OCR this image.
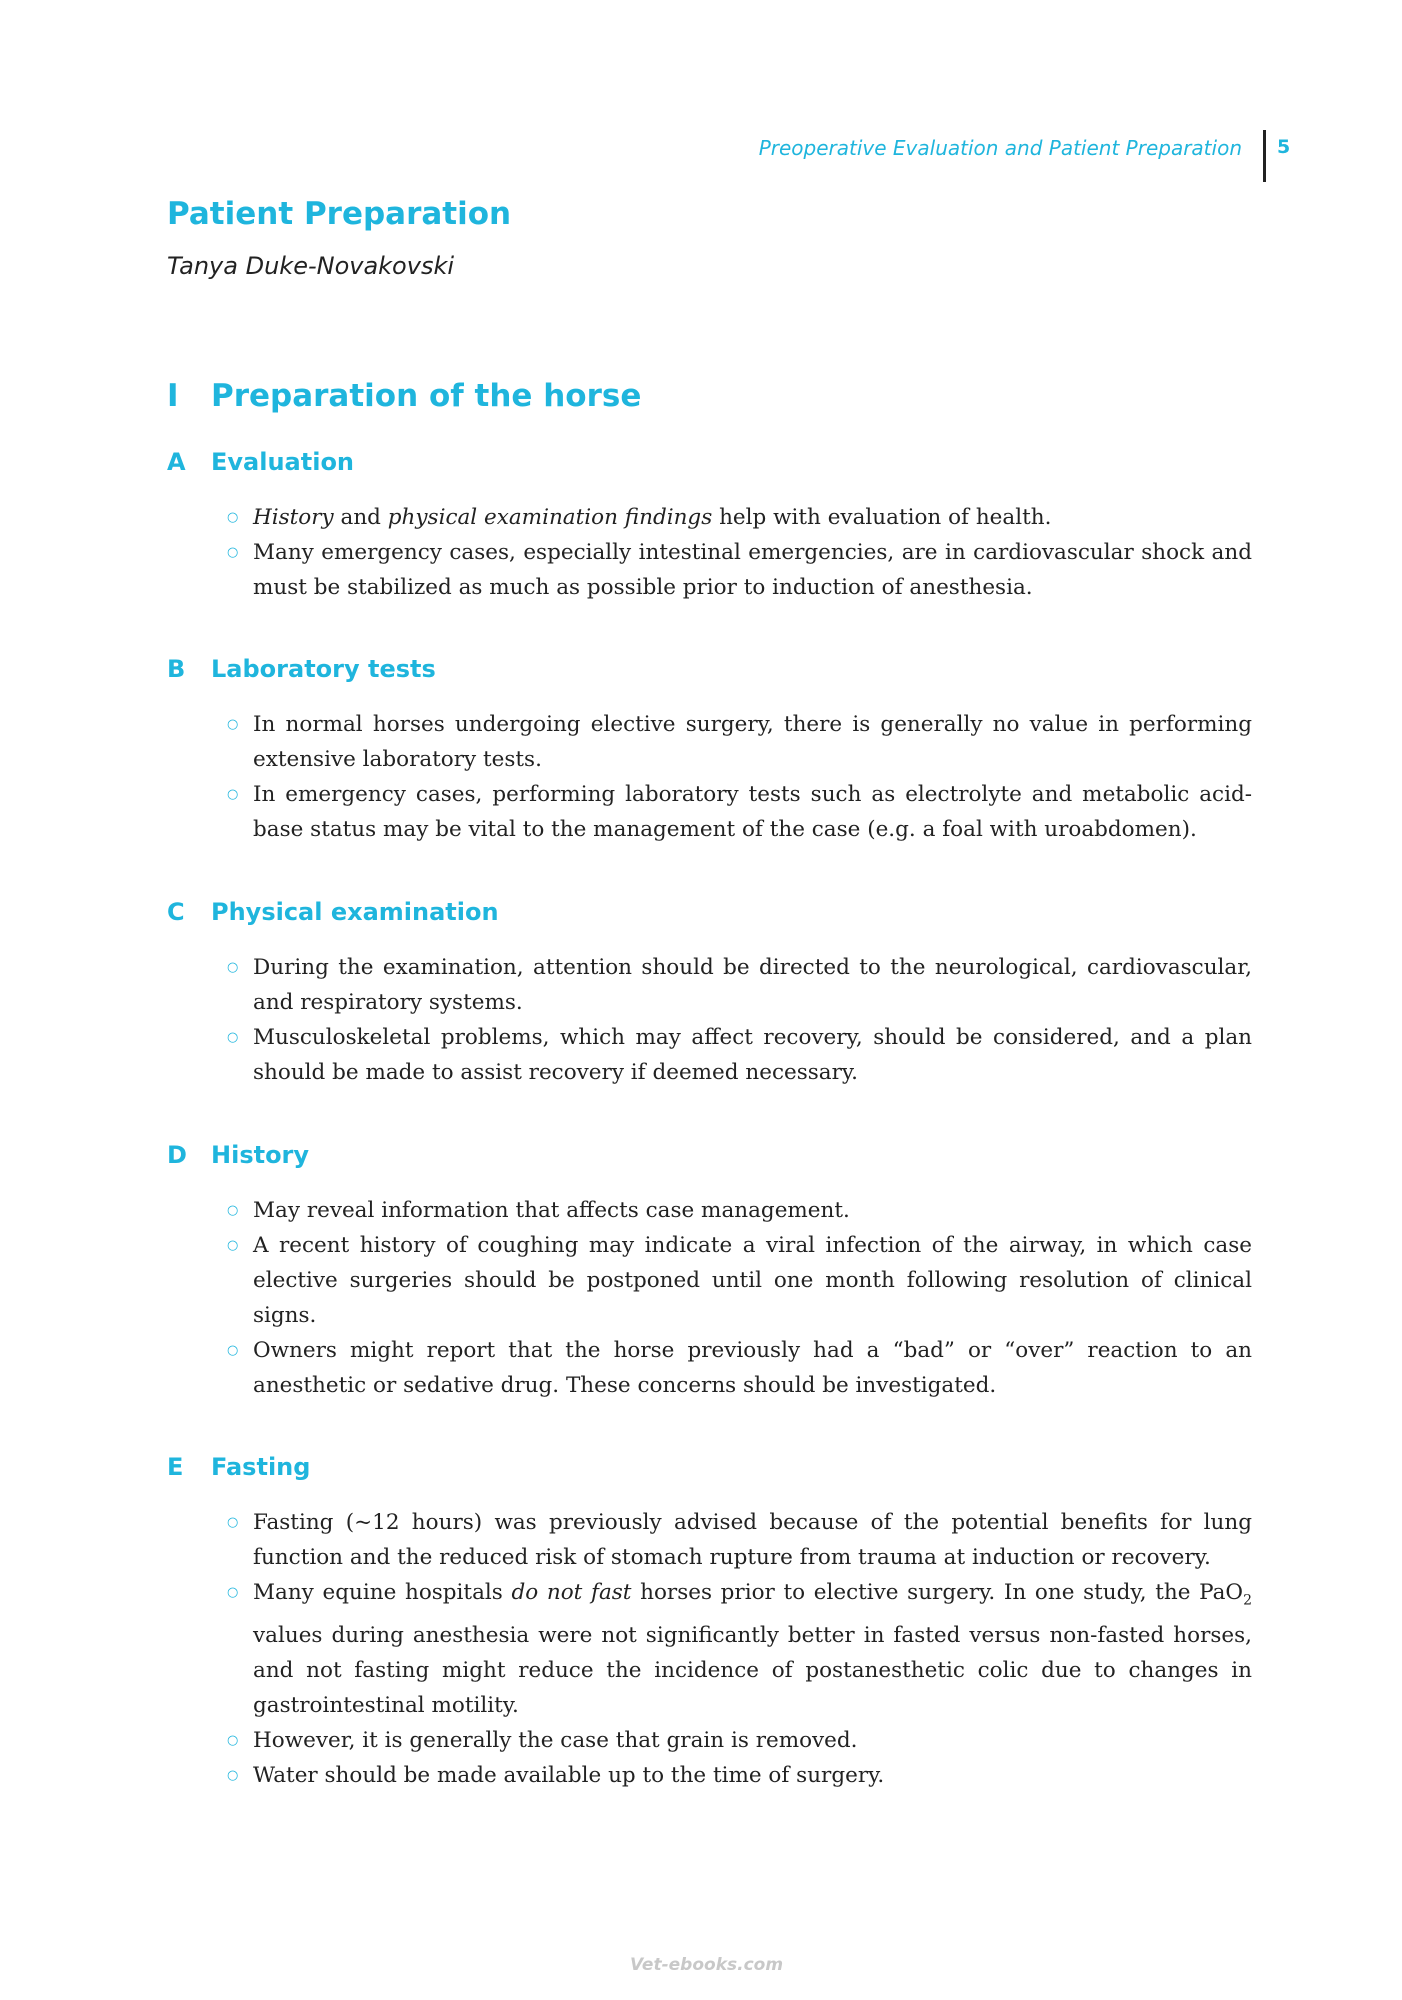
Preoperative Evaluation and Patient Preparation 5
Patient Preparation
Tanya Duke-Novakovski
I Preparation of the horse
A Evaluation
○ History and physical examination findings help with evaluation of health.
○ Many emergency cases, especially intestinal emergencies, are in cardiovascular shock and must be stabilized as much as possible prior to induction of anesthesia.
B Laboratory tests
○ In normal horses undergoing elective surgery, there is generally no value in performing extensive laboratory tests.
○ In emergency cases, performing laboratory tests such as electrolyte and metabolic acid-base status may be vital to the management of the case (e.g. a foal with uroabdomen).
C Physical examination
○ During the examination, attention should be directed to the neurological, cardiovascular, and respiratory systems.
○ Musculoskeletal problems, which may affect recovery, should be considered, and a plan should be made to assist recovery if deemed necessary.
D History
○ May reveal information that affects case management.
○ A recent history of coughing may indicate a viral infection of the airway, in which case elective surgeries should be postponed until one month following resolution of clinical signs.
○ Owners might report that the horse previously had a “bad” or “over” reaction to an anesthetic or sedative drug. These concerns should be investigated.
E Fasting
○ Fasting (~12 hours) was previously advised because of the potential benefits for lung function and the reduced risk of stomach rupture from trauma at induction or recovery.
○ Many equine hospitals do not fast horses prior to elective surgery. In one study, the PaO$_2$ values during anesthesia were not significantly better in fasted versus non-fasted horses, and not fasting might reduce the incidence of postanesthetic colic due to changes in gastrointestinal motility.
○ However, it is generally the case that grain is removed.
○ Water should be made available up to the time of surgery.
Vet-ebooks.com
